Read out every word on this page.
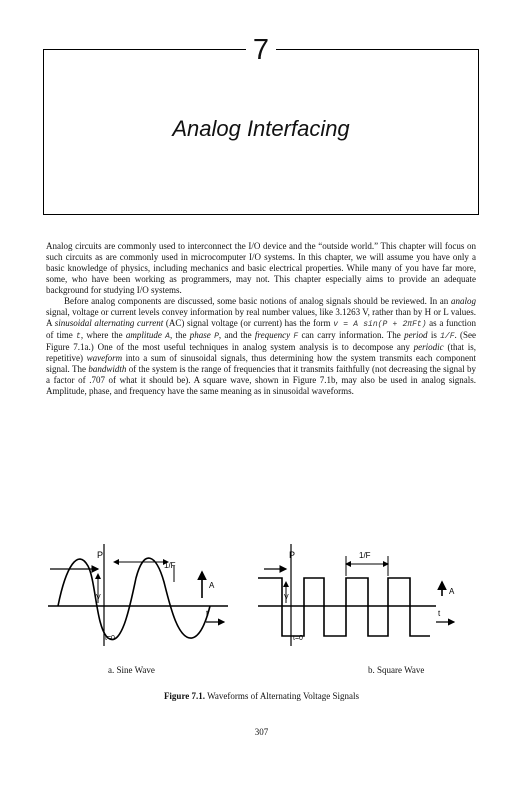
7
Analog Interfacing

Analog circuits are commonly used to interconnect the I/O device and the “outside world.” This chapter will focus on such circuits as are commonly used in microcomputer I/O systems. In this chapter, we will assume you have only a basic knowledge of physics, including mechanics and basic electrical properties. While many of you have far more, some, who have been working as programmers, may not. This chapter especially aims to provide an adequate background for studying I/O systems.

Before analog components are discussed, some basic notions of analog signals should be reviewed. In an analog signal, voltage or current levels convey information by real number values, like 3.1263 V, rather than by H or L values. A sinusoidal alternating current (AC) signal voltage (or current) has the form v = A sin(P + 2πFt) as a function of time t, where the amplitude A, the phase P, and the frequency F can carry information. The period is 1/F. (See Figure 7.1a.) One of the most useful techniques in analog system analysis is to decompose any periodic (that is, repetitive) waveform into a sum of sinusoidal signals, thus determining how the system transmits each component signal. The bandwidth of the system is the range of frequencies that it transmits faithfully (not decreasing the signal by a factor of .707 of what it should be). A square wave, shown in Figure 7.1b, may also be used in analog signals. Amplitude, phase, and frequency have the same meaning as in sinusoidal waveforms.

P
1/F
A
V
t
t=0
P	1/F
A
V
t
t=0
a. Sine Wave	b. Square Wave
Figure 7.1. Waveforms of Alternating Voltage Signals
307
